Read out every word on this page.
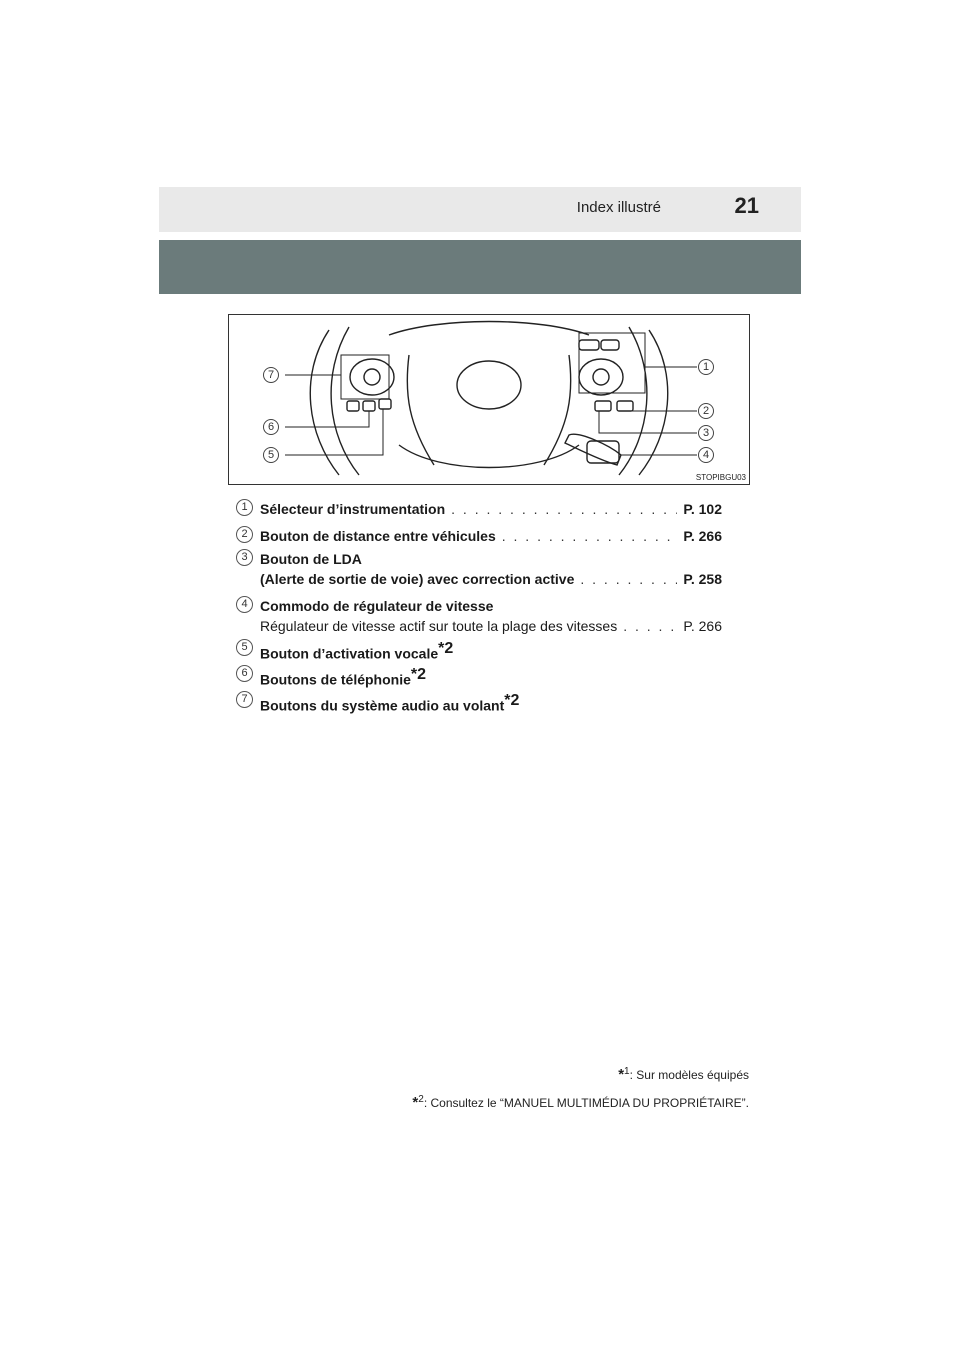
Index illustré	21
7
6
5
1
2
3
4
STOPIBGU03
1 Sélecteur d’instrumentation . . .	P. 102
2 Bouton de distance entre véhicules . . .	P. 266
3 Bouton de LDA
(Alerte de sortie de voie) avec correction active . . .	P. 258
4 Commodo de régulateur de vitesse
Régulateur de vitesse actif sur toute la plage des vitesses . . .	P. 266
5 Bouton d’activation vocale$^{*2}$
6 Boutons de téléphonie$^{*2}$
7 Boutons du système audio au volant$^{*2}$
*$^1$: Sur modèles équipés
*$^2$: Consultez le “MANUEL MULTIMÉDIA DU PROPRIÉTAIRE”.
